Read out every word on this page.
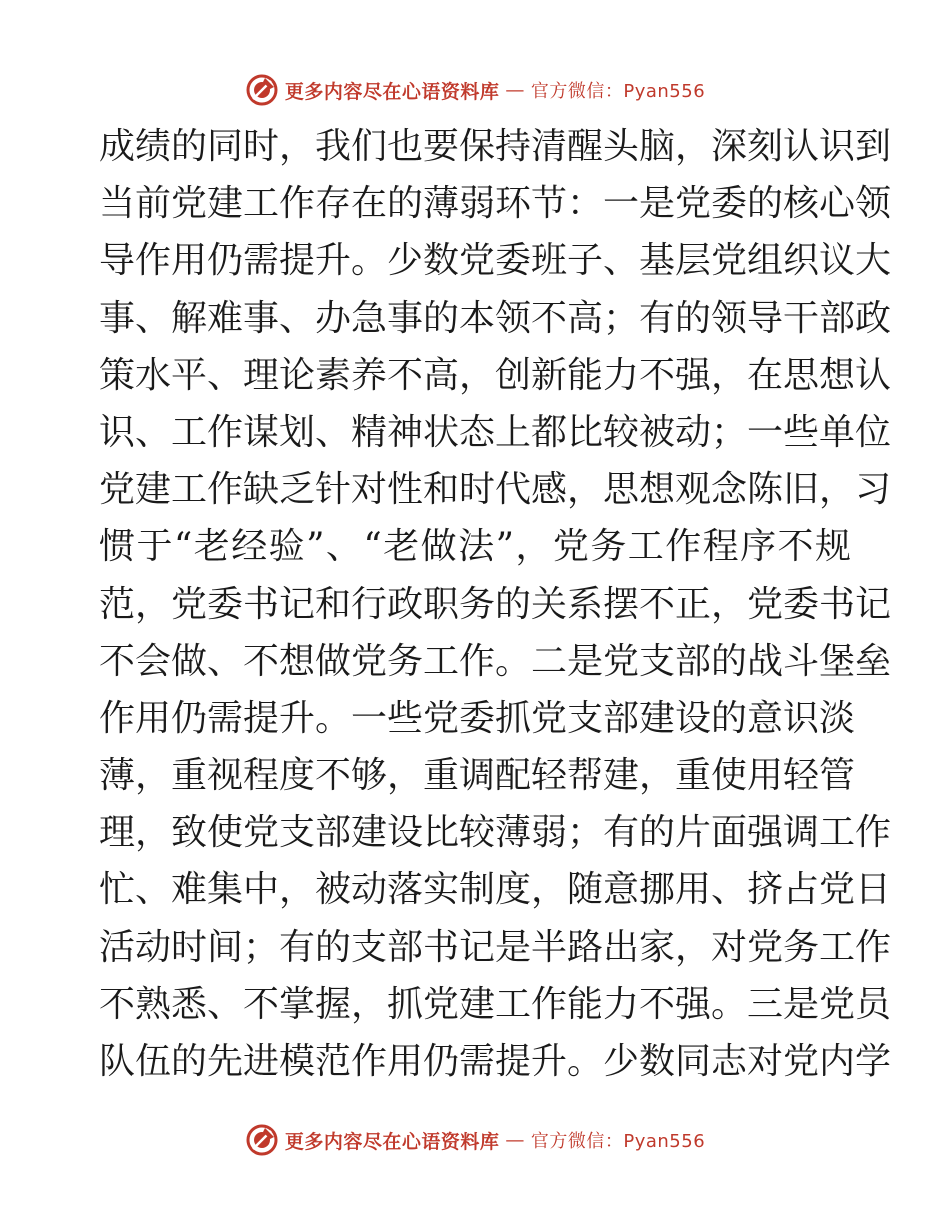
更多内容尽在心语资料库 — 官方微信：Pyan556
成绩的同时，我们也要保持清醒头脑，深刻认识到
当前党建工作存在的薄弱环节：一是党委的核心领
导作用仍需提升。少数党委班子、基层党组织议大
事、解难事、办急事的本领不高；有的领导干部政
策水平、理论素养不高，创新能力不强，在思想认
识、工作谋划、精神状态上都比较被动；一些单位
党建工作缺乏针对性和时代感，思想观念陈旧，习
惯于“老经验”、“老做法”，党务工作程序不规
范，党委书记和行政职务的关系摆不正，党委书记
不会做、不想做党务工作。二是党支部的战斗堡垒
作用仍需提升。一些党委抓党支部建设的意识淡
薄，重视程度不够，重调配轻帮建，重使用轻管
理，致使党支部建设比较薄弱；有的片面强调工作
忙、难集中，被动落实制度，随意挪用、挤占党日
活动时间；有的支部书记是半路出家，对党务工作
不熟悉、不掌握，抓党建工作能力不强。三是党员
队伍的先进模范作用仍需提升。少数同志对党内学
更多内容尽在心语资料库 — 官方微信：Pyan556
